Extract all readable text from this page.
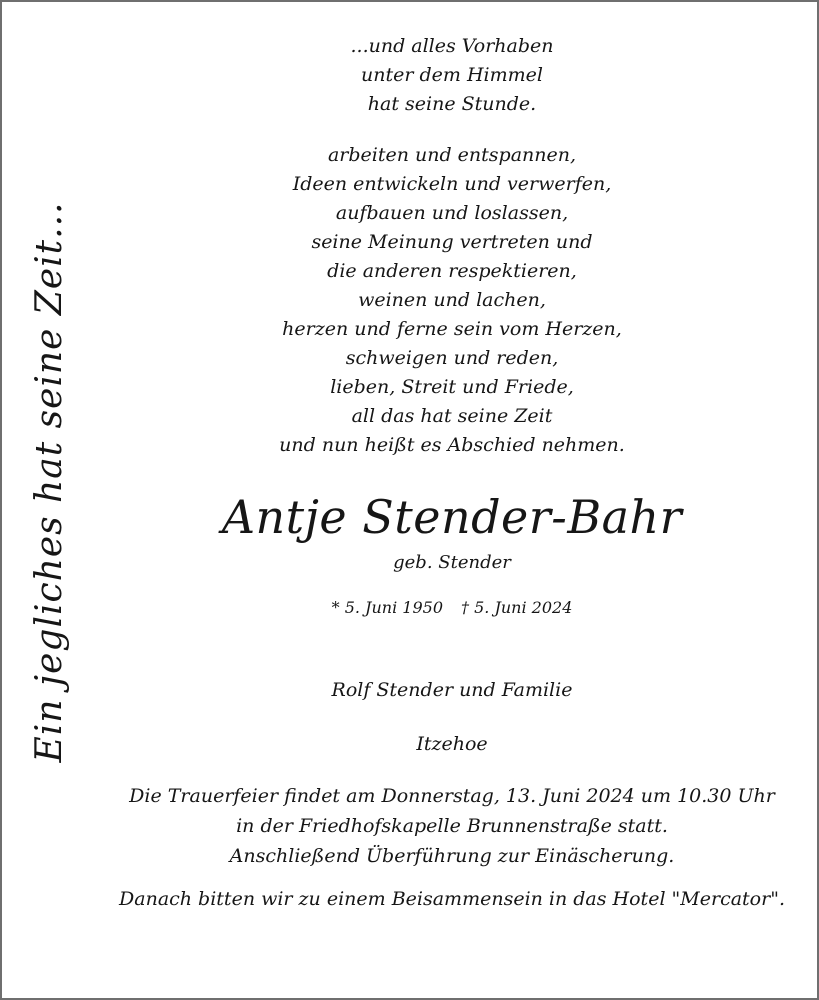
Ein jegliches hat seine Zeit...
...und alles Vorhaben
unter dem Himmel
hat seine Stunde.
arbeiten und entspannen,
Ideen entwickeln und verwerfen,
aufbauen und loslassen,
seine Meinung vertreten und
die anderen respektieren,
weinen und lachen,
herzen und ferne sein vom Herzen,
schweigen und reden,
lieben, Streit und Friede,
all das hat seine Zeit
und nun heißt es Abschied nehmen.
Antje Stender-Bahr
geb. Stender
* 5. Juni 1950 † 5. Juni 2024
Rolf Stender und Familie
Itzehoe
Die Trauerfeier findet am Donnerstag, 13. Juni 2024 um 10.30 Uhr
in der Friedhofskapelle Brunnenstraße statt.
Anschließend Überführung zur Einäscherung.
Danach bitten wir zu einem Beisammensein in das Hotel "Mercator".
